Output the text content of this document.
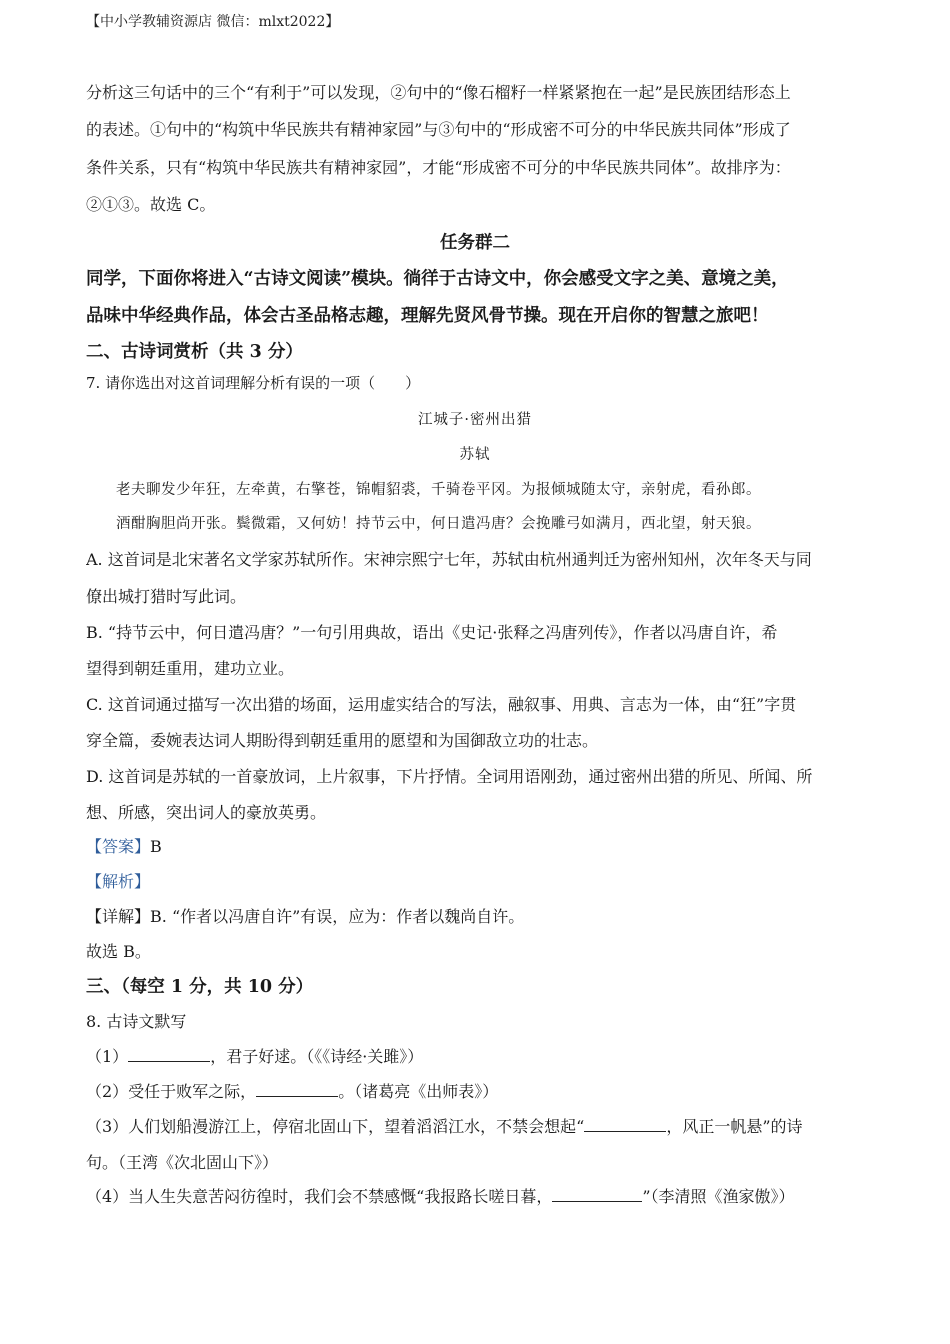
【中小学教辅资源店 微信：mlxt2022】
分析这三句话中的三个“有利于”可以发现，②句中的“像石榴籽一样紧紧抱在一起”是民族团结形态上
的表述。①句中的“构筑中华民族共有精神家园”与③句中的“形成密不可分的中华民族共同体”形成了
条件关系，只有“构筑中华民族共有精神家园”，才能“形成密不可分的中华民族共同体”。故排序为：
②①③。故选 C。
任务群二
同学，下面你将进入“古诗文阅读”模块。徜徉于古诗文中，你会感受文字之美、意境之美，
品味中华经典作品，体会古圣品格志趣，理解先贤风骨节操。现在开启你的智慧之旅吧！
二、古诗词赏析（共 3 分）
7. 请你选出对这首词理解分析有误的一项（　　）
江城子·密州出猎
苏轼
老夫聊发少年狂，左牵黄，右擎苍，锦帽貂裘，千骑卷平冈。为报倾城随太守，亲射虎，看孙郎。
酒酣胸胆尚开张。鬓微霜，又何妨！持节云中，何日遣冯唐？会挽雕弓如满月，西北望，射天狼。
A. 这首词是北宋著名文学家苏轼所作。宋神宗熙宁七年，苏轼由杭州通判迁为密州知州，次年冬天与同
僚出城打猎时写此词。
B. “持节云中，何日遣冯唐？”一句引用典故，语出《史记·张释之冯唐列传》，作者以冯唐自许，希
望得到朝廷重用，建功立业。
C. 这首词通过描写一次出猎的场面，运用虚实结合的写法，融叙事、用典、言志为一体，由“狂”字贯
穿全篇，委婉表达词人期盼得到朝廷重用的愿望和为国御敌立功的壮志。
D. 这首词是苏轼的一首豪放词，上片叙事，下片抒情。全词用语刚劲，通过密州出猎的所见、所闻、所
想、所感，突出词人的豪放英勇。
【答案】B
【解析】
【详解】B. “作者以冯唐自许”有误，应为：作者以魏尚自许。
故选 B。
三、（每空 1 分，共 10 分）
8. 古诗文默写
（1）	，君子好逑。（《《诗经·关雎》）
（2）受任于败军之际，	。（诸葛亮《出师表》）
（3）人们划船漫游江上，停宿北固山下，望着滔滔江水，不禁会想起“	，风正一帆悬”的诗
句。（王湾《次北固山下》）
（4）当人生失意苦闷彷徨时，我们会不禁感慨“我报路长嗟日暮，	”（李清照《渔家傲》）
